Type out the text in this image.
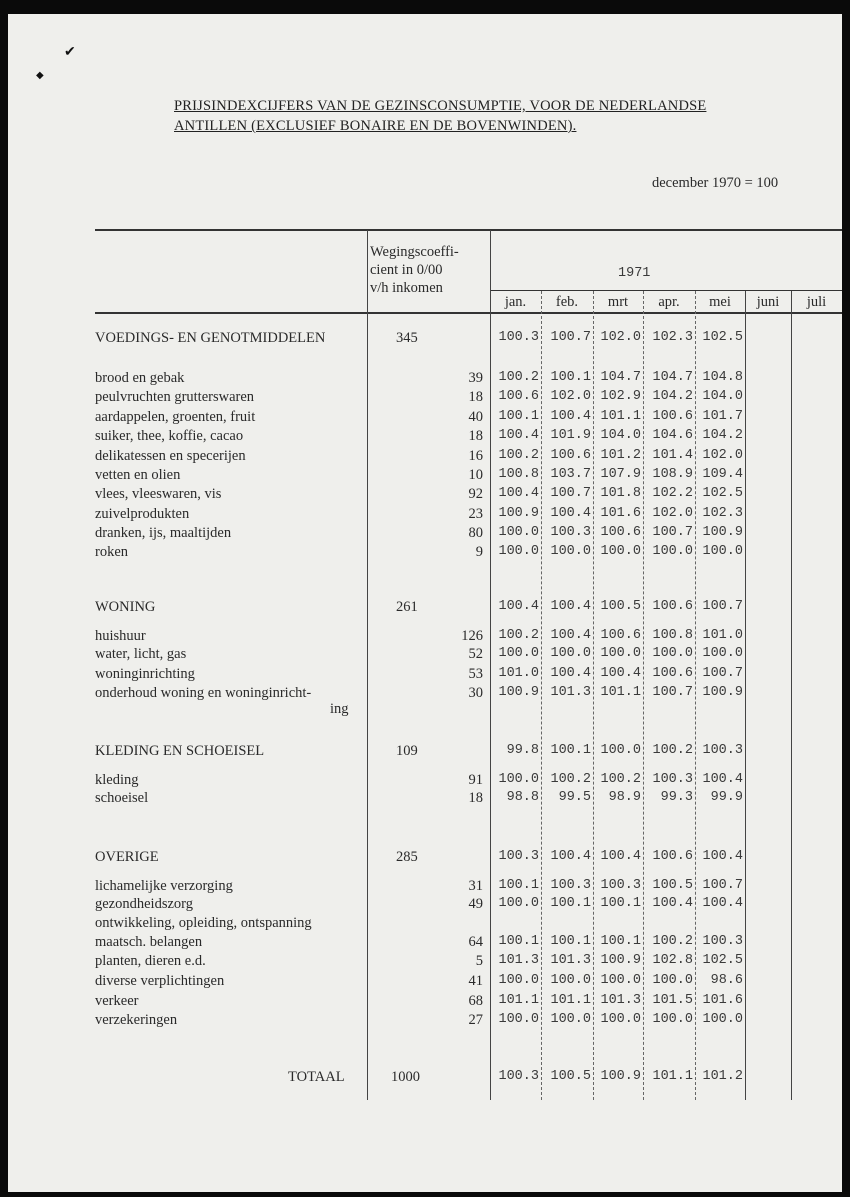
✔
◆
PRIJSINDEXCIJFERS VAN DE GEZINSCONSUMPTIE, VOOR DE NEDERLANDSE
ANTILLEN (EXCLUSIEF BONAIRE EN DE BOVENWINDEN).
december 1970 = 100
Wegingscoeffi-
cient in 0/00
v/h inkomen
1971
jan.	feb.	mrt	apr.	mei	juni	juli
VOEDINGS- EN GENOTMIDDELEN	345	100.3 100.7 102.0 102.3 102.5
brood en gebak	39	100.2 100.1 104.7 104.7 104.8
peulvruchten grutterswaren	18	100.6 102.0 102.9 104.2 104.0
aardappelen, groenten, fruit	40	100.1 100.4 101.1 100.6 101.7
suiker, thee, koffie, cacao	18	100.4 101.9 104.0 104.6 104.2
delikatessen en specerijen	16	100.2 100.6 101.2 101.4 102.0
vetten en olien	10	100.8 103.7 107.9 108.9 109.4
vlees, vleeswaren, vis	92	100.4 100.7 101.8 102.2 102.5
zuivelprodukten	23	100.9 100.4 101.6 102.0 102.3
dranken, ijs, maaltijden	80	100.0 100.3 100.6 100.7 100.9
roken	9	100.0 100.0 100.0 100.0 100.0
WONING	261	100.4 100.4 100.5 100.6 100.7
huishuur	126	100.2 100.4 100.6 100.8 101.0
water, licht, gas	52	100.0 100.0 100.0 100.0 100.0
woninginrichting	53	101.0 100.4 100.4 100.6 100.7
onderhoud woning en woninginricht-	30	100.9 101.3 101.1 100.7 100.9
ing
KLEDING EN SCHOEISEL	109	99.8 100.1 100.0 100.2 100.3
kleding	91	100.0 100.2 100.2 100.3 100.4
schoeisel	18	98.8	99.5	98.9	99.3	99.9
OVERIGE	285	100.3 100.4 100.4 100.6 100.4
lichamelijke verzorging	31	100.1 100.3 100.3 100.5 100.7
gezondheidszorg	49	100.0 100.1 100.1 100.4 100.4
ontwikkeling, opleiding, ontspanning
maatsch. belangen	64	100.1 100.1 100.1 100.2 100.3
planten, dieren e.d.	5	101.3 101.3 100.9 102.8 102.5
diverse verplichtingen	41	100.0 100.0 100.0 100.0	98.6
verkeer	68	101.1 101.1 101.3 101.5 101.6
verzekeringen	27	100.0 100.0 100.0 100.0 100.0
TOTAAL	1000	100.3 100.5 100.9 101.1 101.2
